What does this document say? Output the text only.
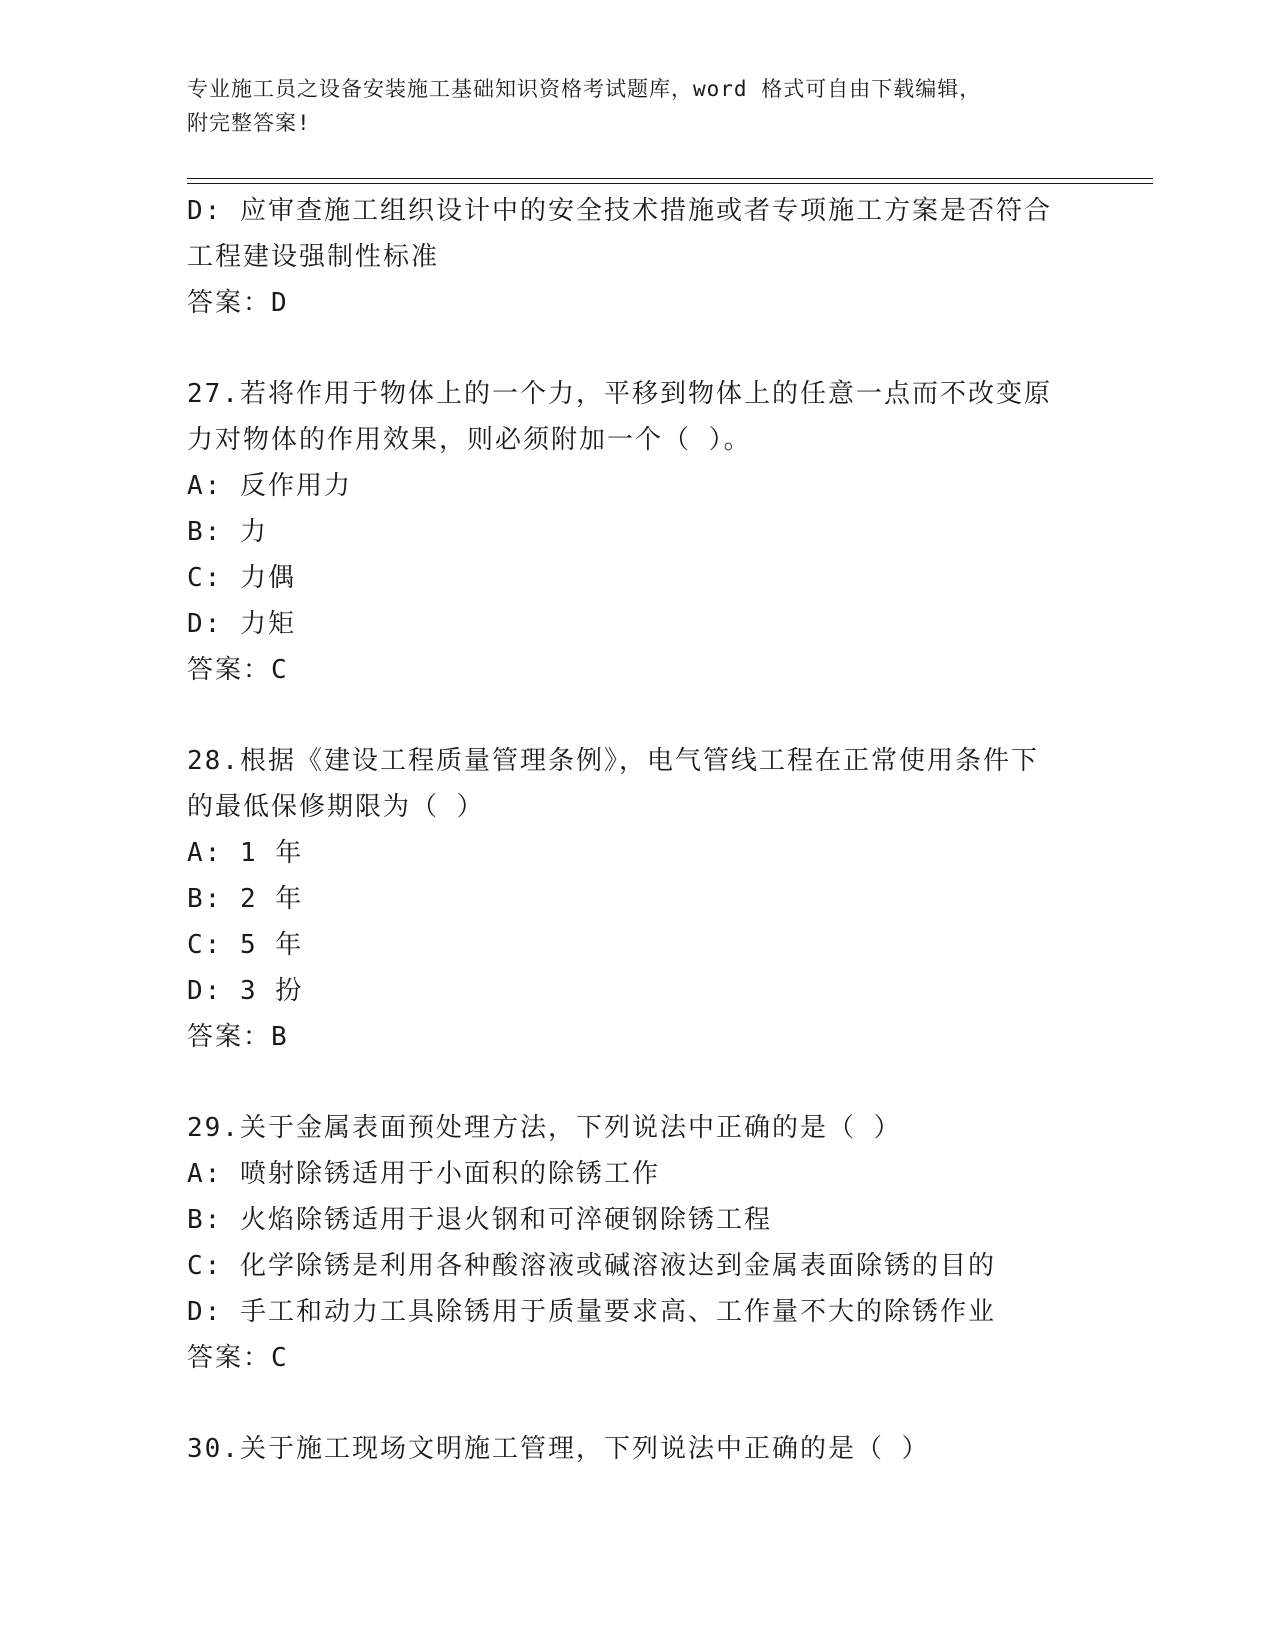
专业施工员之设备安装施工基础知识资格考试题库，word 格式可自由下载编辑，
附完整答案!
D: 应审查施工组织设计中的安全技术措施或者专项施工方案是否符合
工程建设强制性标准
答案：D
27.若将作用于物体上的一个力，平移到物体上的任意一点而不改变原
力对物体的作用效果，则必须附加一个（ ）。
A: 反作用力
B: 力
C: 力偶
D: 力矩
答案：C
28.根据《建设工程质量管理条例》，电气管线工程在正常使用条件下
的最低保修期限为（ ）
A: 1 年
B: 2 年
C: 5 年
D: 3 扮
答案：B
29.关于金属表面预处理方法，下列说法中正确的是（ ）
A: 喷射除锈适用于小面积的除锈工作
B: 火焰除锈适用于退火钢和可淬硬钢除锈工程
C: 化学除锈是利用各种酸溶液或碱溶液达到金属表面除锈的目的
D: 手工和动力工具除锈用于质量要求高、工作量不大的除锈作业
答案：C
30.关于施工现场文明施工管理，下列说法中正确的是（ ）
